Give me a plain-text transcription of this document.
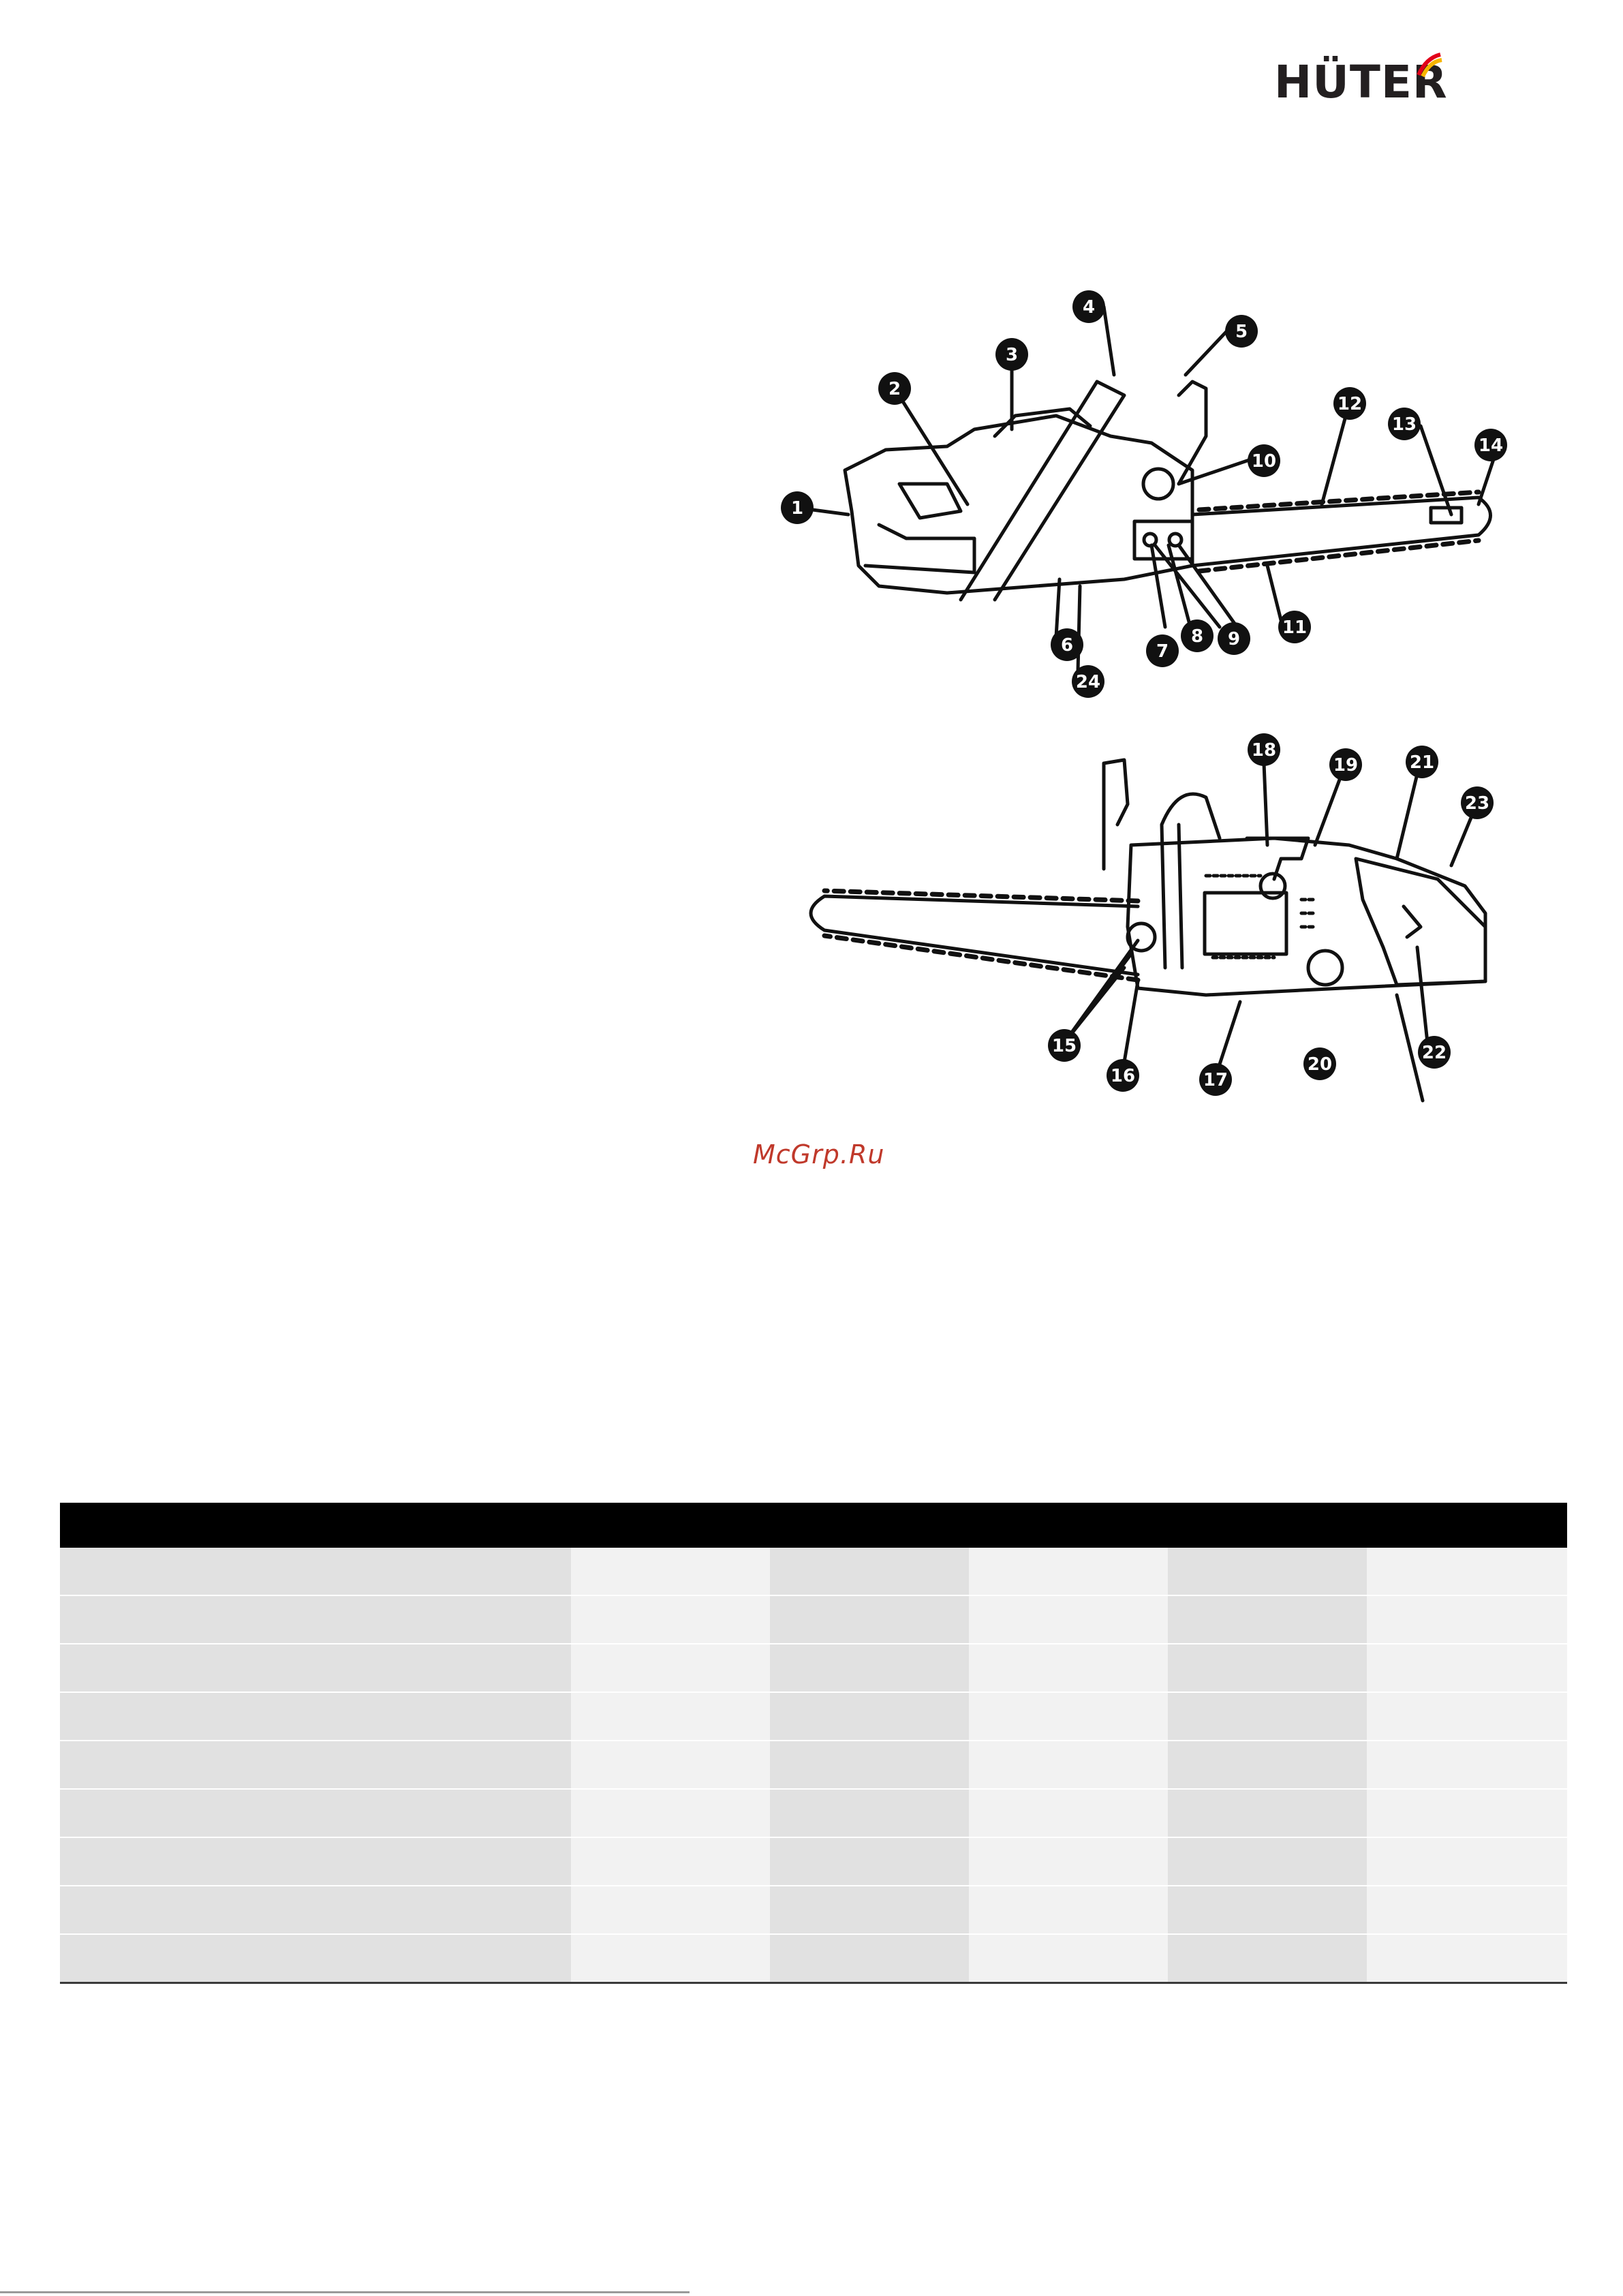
HÜTER
1
2
3
4
5
10
12
13
14
6	7
8 9
11
24
18
19	21
23
15
16	17
20
22
McGrp.Ru
